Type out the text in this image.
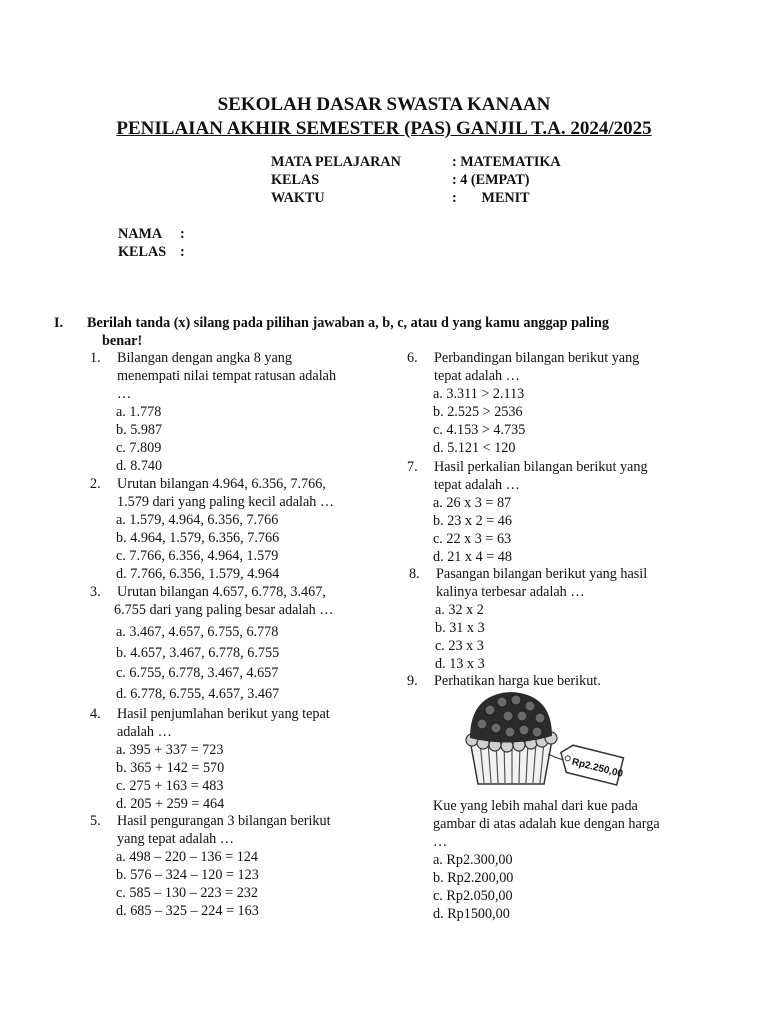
SEKOLAH DASAR SWASTA KANAAN
PENILAIAN AKHIR SEMESTER (PAS) GANJIL T.A. 2024/2025
MATA PELAJARAN	: MATEMATIKA
KELAS	: 4 (EMPAT)
WAKTU	:       MENIT
NAMA :
KELAS :
I. Berilah tanda (x) silang pada pilihan jawaban a, b, c, atau d yang kamu anggap paling
benar!
1. Bilangan dengan angka 8 yang
menempati nilai tempat ratusan adalah
…
a. 1.778
b. 5.987
c. 7.809
d. 8.740
2. Urutan bilangan 4.964, 6.356, 7.766,
1.579 dari yang paling kecil adalah …
a. 1.579, 4.964, 6.356, 7.766
b. 4.964, 1.579, 6.356, 7.766
c. 7.766, 6.356, 4.964, 1.579
d. 7.766, 6.356, 1.579, 4.964
3. Urutan bilangan 4.657, 6.778, 3.467,
6.755 dari yang paling besar adalah …
a. 3.467, 4.657, 6.755, 6.778
b. 4.657, 3.467, 6.778, 6.755
c. 6.755, 6.778, 3.467, 4.657
d. 6.778, 6.755, 4.657, 3.467
4. Hasil penjumlahan berikut yang tepat
adalah …
a. 395 + 337 = 723
b. 365 + 142 = 570
c. 275 + 163 = 483
d. 205 + 259 = 464
5. Hasil pengurangan 3 bilangan berikut
yang tepat adalah …
a. 498 – 220 – 136 = 124
b. 576 – 324 – 120 = 123
c. 585 – 130 – 223 = 232
d. 685 – 325 – 224 = 163
6. Perbandingan bilangan berikut yang
tepat adalah …
a. 3.311 > 2.113
b. 2.525 > 2536
c. 4.153 > 4.735
d. 5.121 < 120
7. Hasil perkalian bilangan berikut yang
tepat adalah …
a. 26 x 3 = 87
b. 23 x 2 = 46
c. 22 x 3 = 63
d. 21 x 4 = 48
8. Pasangan bilangan berikut yang hasil
kalinya terbesar adalah …
a. 32 x 2
b. 31 x 3
c. 23 x 3
d. 13 x 3
9. Perhatikan harga kue berikut.
Kue yang lebih mahal dari kue pada
gambar di atas adalah kue dengan harga
…
a. Rp2.300,00
b. Rp2.200,00
c. Rp2.050,00
d. Rp1500,00
Rp2.250,00
